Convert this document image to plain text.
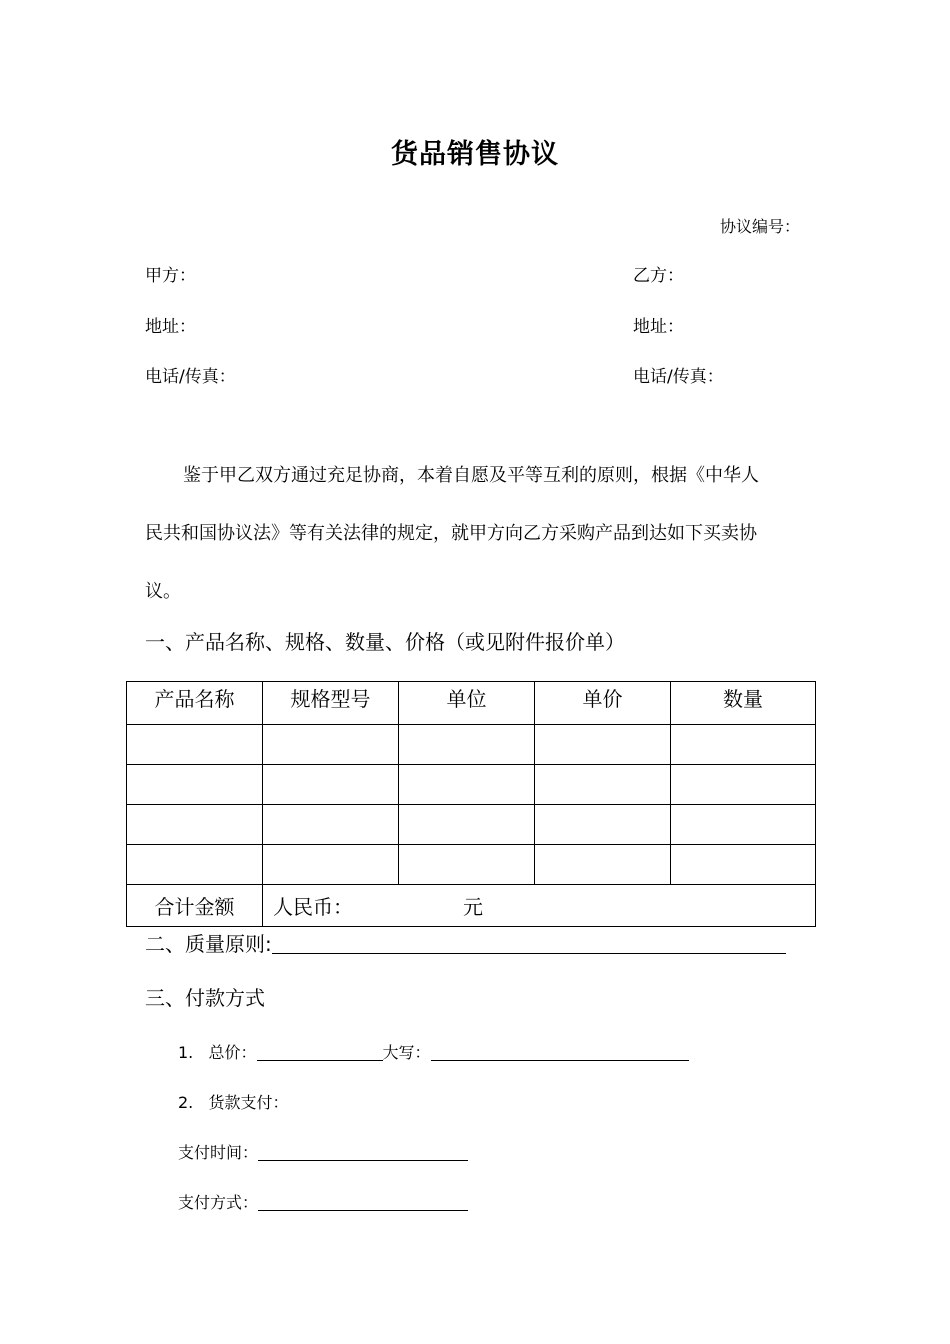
货品销售协议
协议编号：
甲方：	乙方：
地址：	地址：
电话/传真：	电话/传真：
鉴于甲乙双方通过充足协商，本着自愿及平等互利的原则，根据《中华人
民共和国协议法》等有关法律的规定，就甲方向乙方采购产品到达如下买卖协
议。
一、产品名称、规格、数量、价格（或见附件报价单）
产品名称	规格型号	单位	单价	数量

合计金额	人民币： 元			
二、质量原则:
三、付款方式
1. 总价：	大写：
2. 货款支付：
支付时间：
支付方式：
